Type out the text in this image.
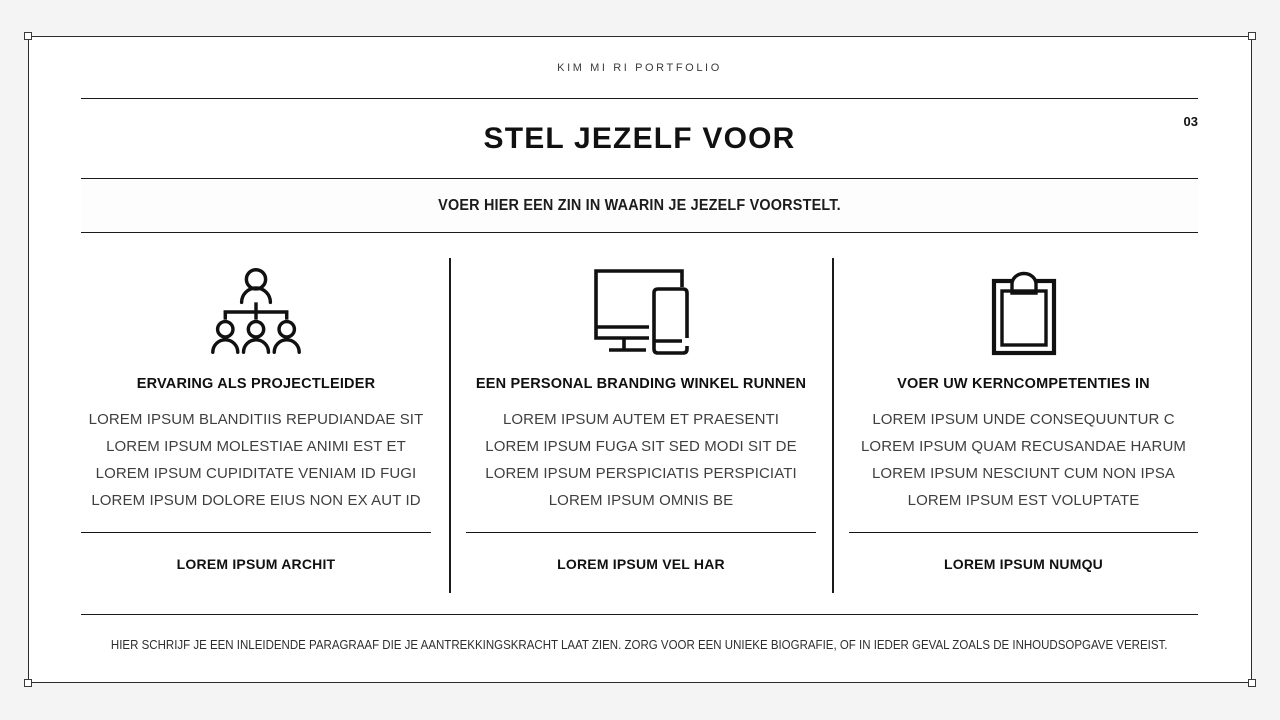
KIM MI RI PORTFOLIO
STEL JEZELF VOOR	03
VOER HIER EEN ZIN IN WAARIN JE JEZELF VOORSTELT.
ERVARING ALS PROJECTLEIDER
LOREM IPSUM BLANDITIIS REPUDIANDAE SIT
LOREM IPSUM MOLESTIAE ANIMI EST ET
LOREM IPSUM CUPIDITATE VENIAM ID FUGI
LOREM IPSUM DOLORE EIUS NON EX AUT ID
LOREM IPSUM ARCHIT
EEN PERSONAL BRANDING WINKEL RUNNEN
LOREM IPSUM AUTEM ET PRAESENTI
LOREM IPSUM FUGA SIT SED MODI SIT DE
LOREM IPSUM PERSPICIATIS PERSPICIATI
LOREM IPSUM OMNIS BE
LOREM IPSUM VEL HAR
VOER UW KERNCOMPETENTIES IN
LOREM IPSUM UNDE CONSEQUUNTUR C
LOREM IPSUM QUAM RECUSANDAE HARUM
LOREM IPSUM NESCIUNT CUM NON IPSA
LOREM IPSUM EST VOLUPTATE
LOREM IPSUM NUMQU
HIER SCHRIJF JE EEN INLEIDENDE PARAGRAAF DIE JE AANTREKKINGSKRACHT LAAT ZIEN. ZORG VOOR EEN UNIEKE BIOGRAFIE, OF IN IEDER GEVAL ZOALS DE INHOUDSOPGAVE VEREIST.
